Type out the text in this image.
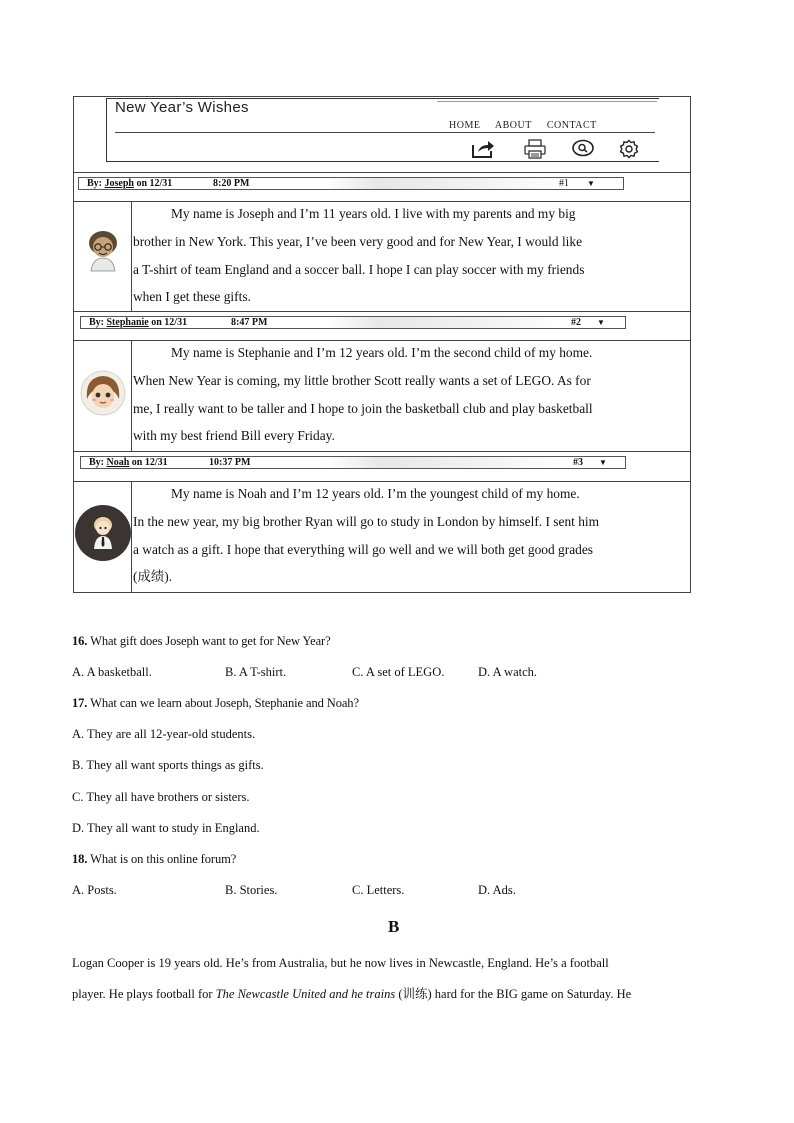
New Year’s Wishes
HOME ABOUT CONTACT
By: Joseph on 12/31	8:20 PM	#1 ▼
My name is Joseph and I’m 11 years old. I live with my parents and my big
brother in New York. This year, I’ve been very good and for New Year, I would like
a T-shirt of team England and a soccer ball. I hope I can play soccer with my friends
when I get these gifts.
By: Stephanie on 12/31	8:47 PM	#2 ▼
My name is Stephanie and I’m 12 years old. I’m the second child of my home.
When New Year is coming, my little brother Scott really wants a set of LEGO. As for
me, I really want to be taller and I hope to join the basketball club and play basketball
with my best friend Bill every Friday.
By: Noah on 12/31	10:37 PM	#3 ▼
My name is Noah and I’m 12 years old. I’m the youngest child of my home.
In the new year, my big brother Ryan will go to study in London by himself. I sent him
a watch as a gift. I hope that everything will go well and we will both get good grades
(成绩).
16. What gift does Joseph want to get for New Year?
A. A basketball.	B. A T-shirt.	C. A set of LEGO.	D. A watch.
17. What can we learn about Joseph, Stephanie and Noah?
A. They are all 12-year-old students.
B. They all want sports things as gifts.
C. They all have brothers or sisters.
D. They all want to study in England.
18. What is on this online forum?
A. Posts.	B. Stories.	C. Letters.	D. Ads.
B
Logan Cooper is 19 years old. He’s from Australia, but he now lives in Newcastle, England. He’s a football
player. He plays football for The Newcastle United and he trains (训练) hard for the BIG game on Saturday. He
